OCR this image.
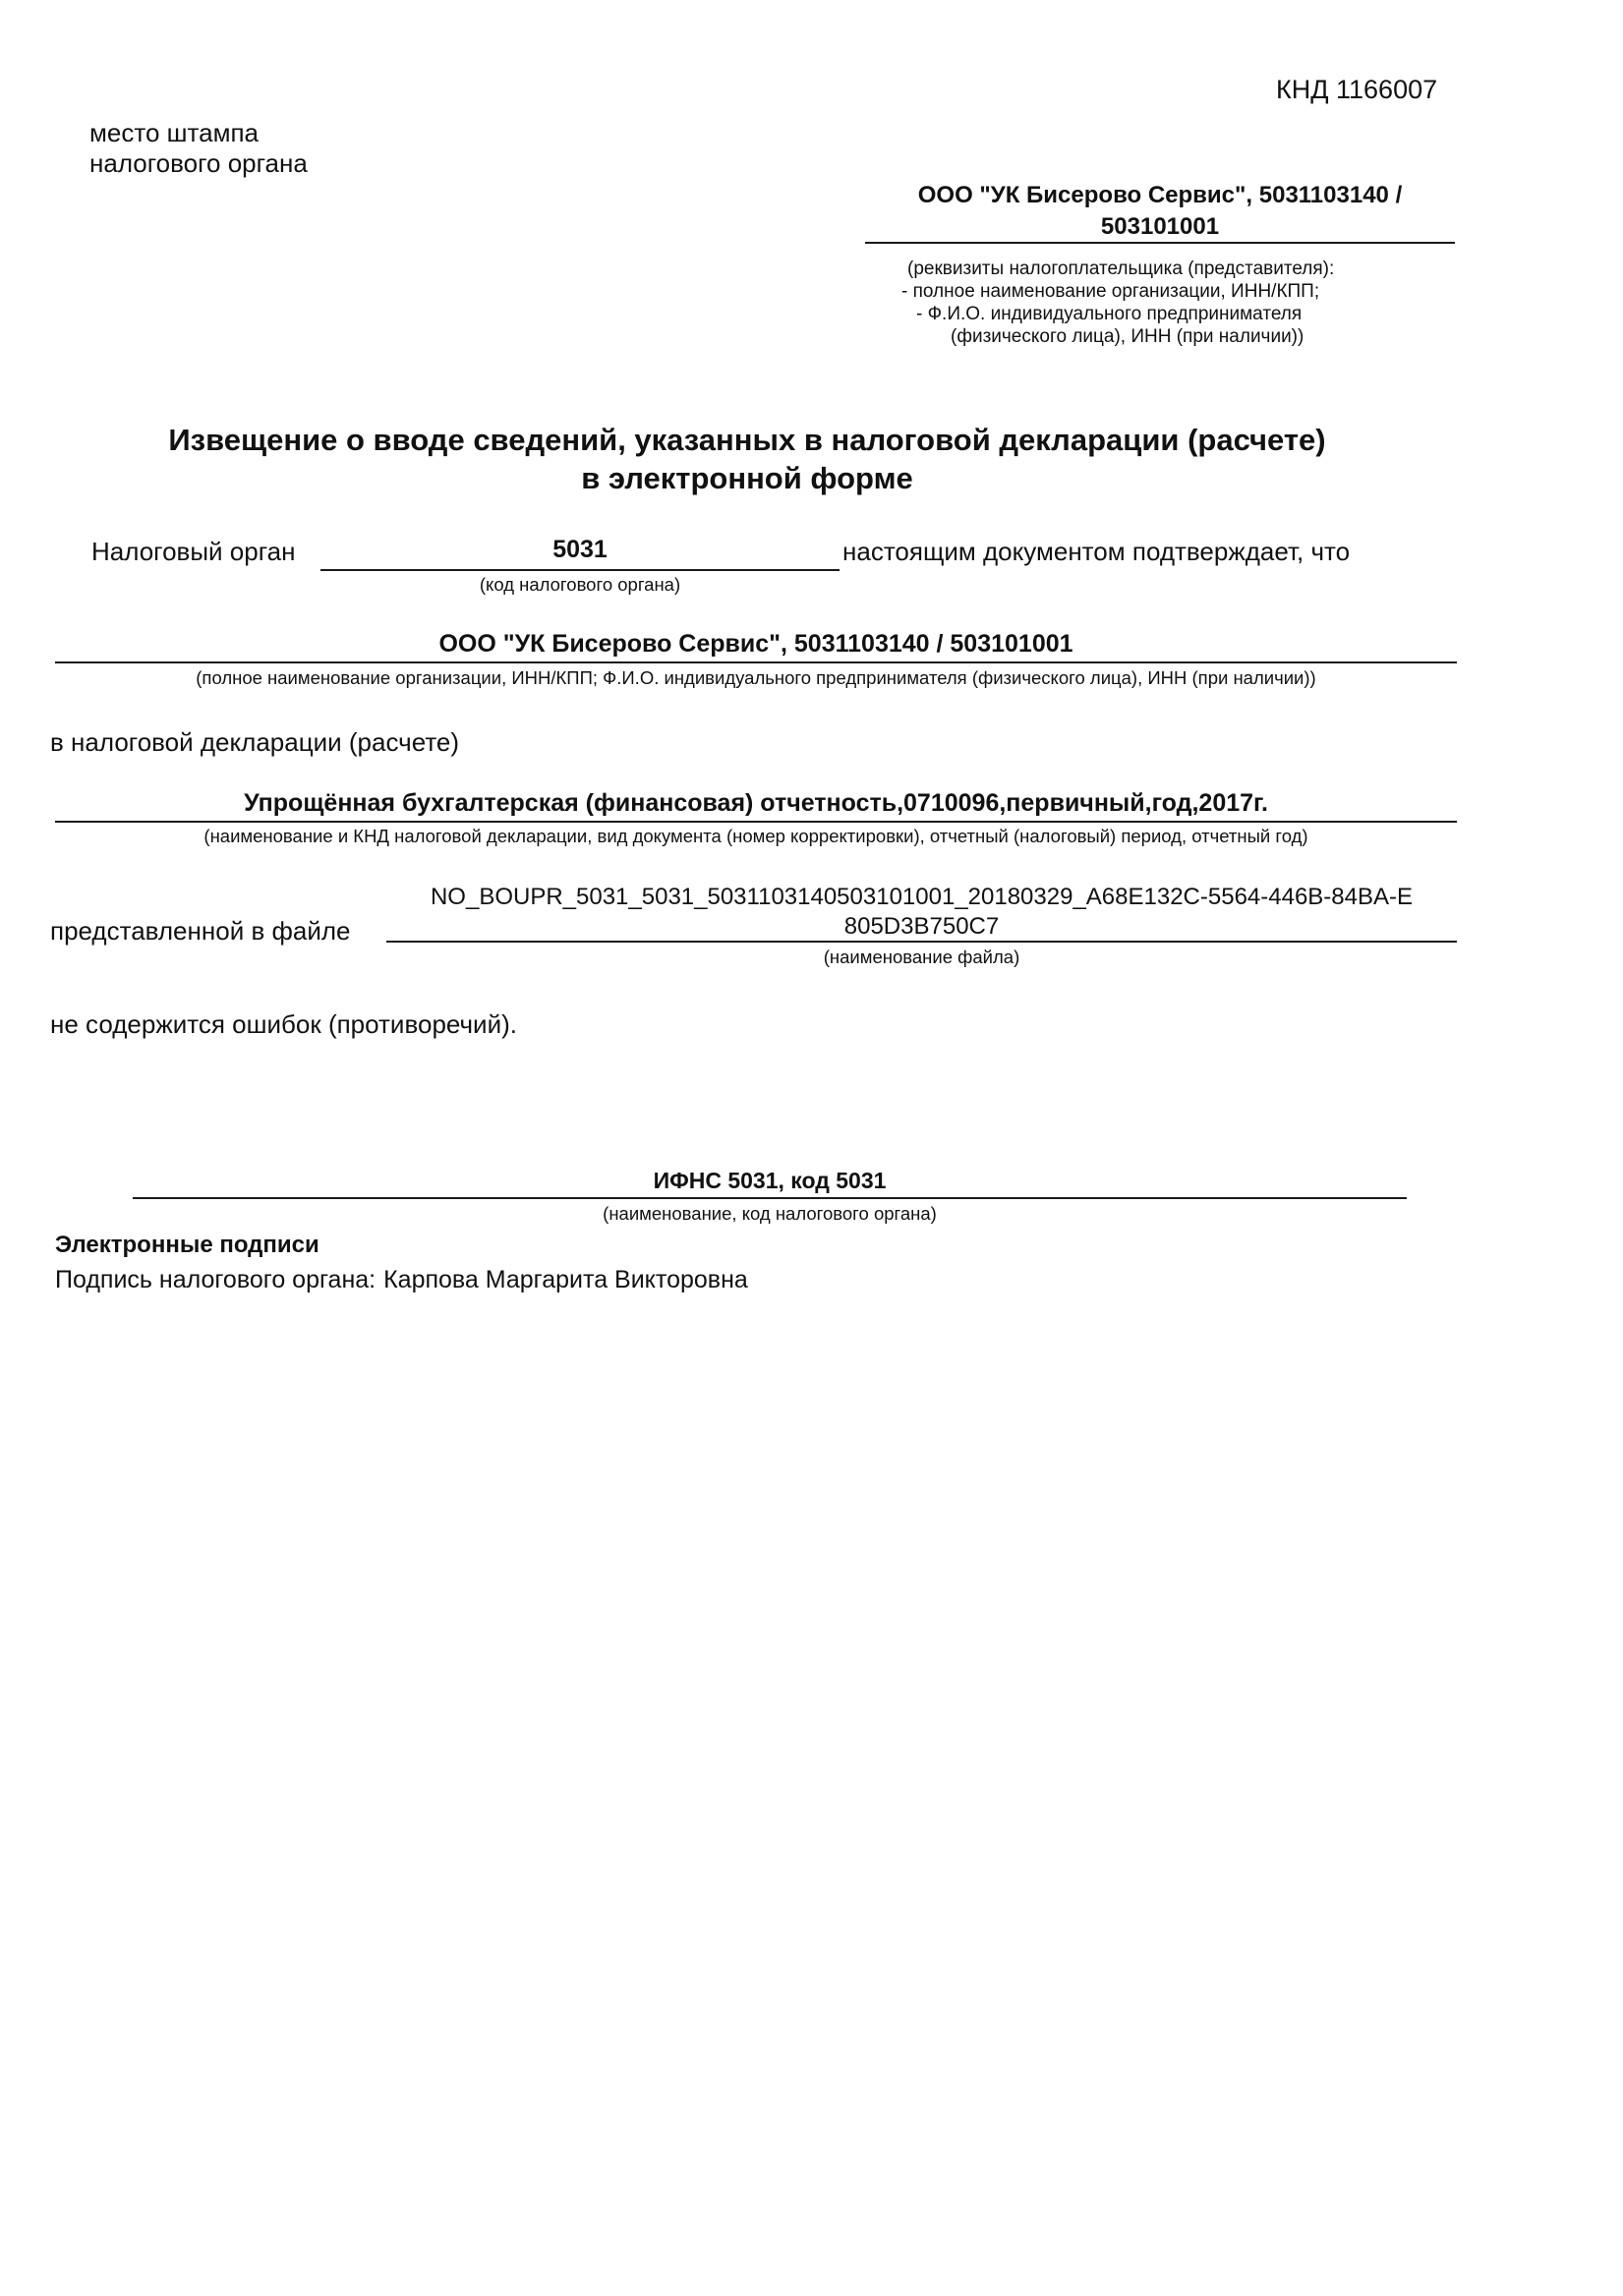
КНД 1166007
место штампа
налогового органа
ООО "УК Бисерово Сервис", 5031103140 /
503101001
(реквизиты налогоплательщика (представителя):
- полное наименование организации, ИНН/КПП;
- Ф.И.О. индивидуального предпринимателя
(физического лица), ИНН (при наличии))
Извещение о вводе сведений, указанных в налоговой декларации (расчете)
в электронной форме
Налоговый орган	5031
(код налогового органа)
настоящим документом подтверждает, что
ООО "УК Бисерово Сервис", 5031103140 / 503101001
(полное наименование организации, ИНН/КПП; Ф.И.О. индивидуального предпринимателя (физического лица), ИНН (при наличии))
в налоговой декларации (расчете)
Упрощённая бухгалтерская (финансовая) отчетность,0710096,первичный,год,2017г.
(наименование и КНД налоговой декларации, вид документа (номер корректировки), отчетный (налоговый) период, отчетный год)
представленной в файле
NO_BOUPR_5031_5031_5031103140503101001_20180329_A68E132C-5564-446B-84BA-E
805D3B750C7
(наименование файла)
не содержится ошибок (противоречий).
ИФНС 5031, код 5031
(наименование, код налогового органа)
Электронные подписи
Подпись налогового органа: Карпова Маргарита Викторовна
